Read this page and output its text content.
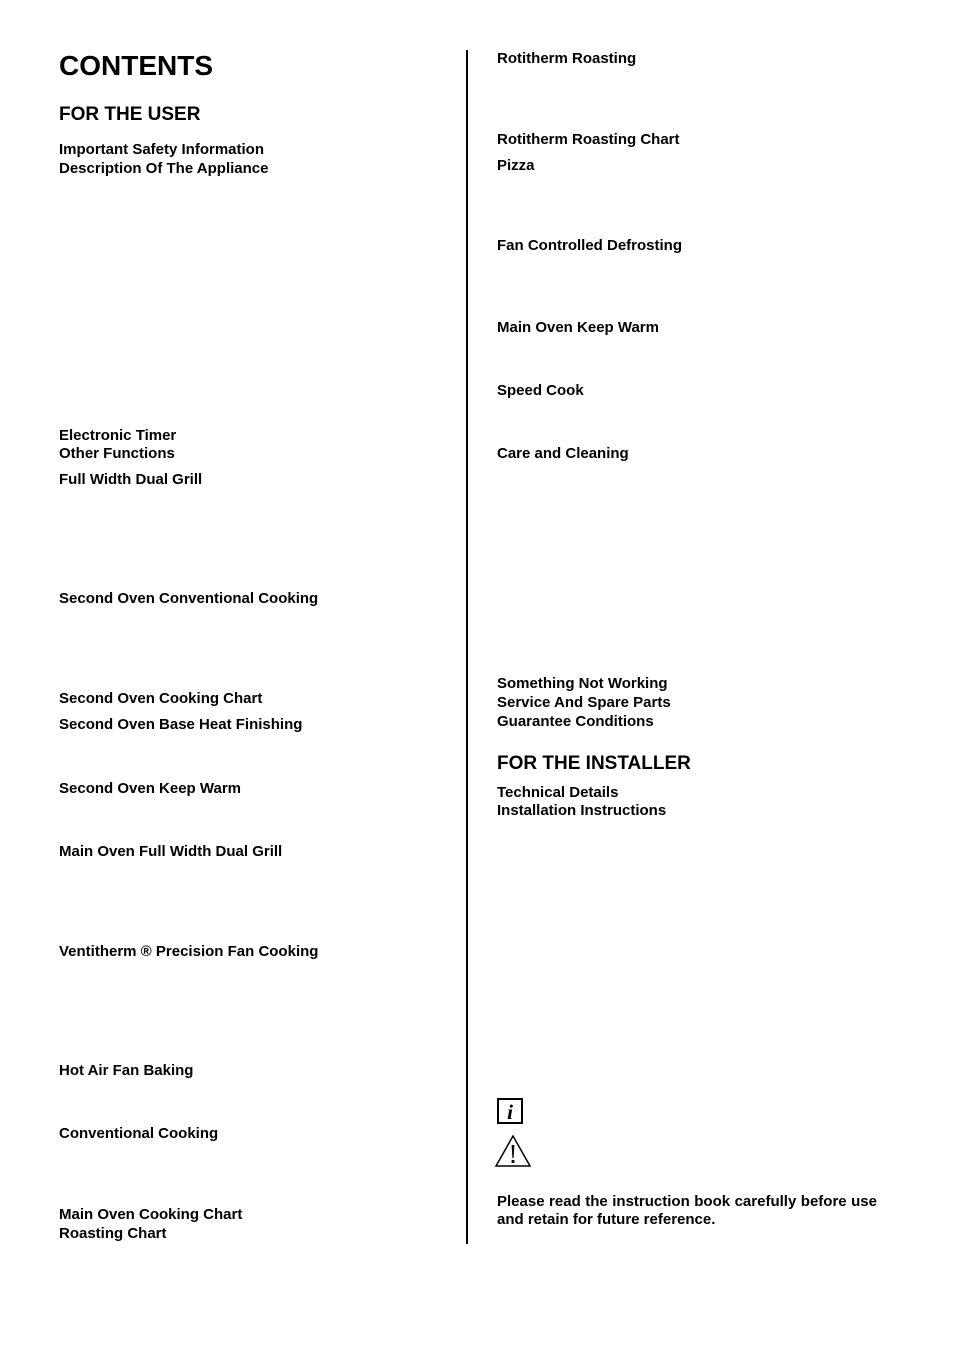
CONTENTS
FOR THE USER
Important Safety Information
Description Of The Appliance
Electronic Timer
Other Functions
Full Width Dual Grill
Second Oven Conventional Cooking
Second Oven Cooking Chart
Second Oven Base Heat Finishing
Second Oven Keep Warm
Main Oven Full Width Dual Grill
Ventitherm ® Precision Fan Cooking
Hot Air Fan Baking
Conventional Cooking
Main Oven Cooking Chart
Roasting Chart
Rotitherm Roasting
Rotitherm Roasting Chart
Pizza
Fan Controlled Defrosting
Main Oven Keep Warm
Speed Cook
Care and Cleaning
Something Not Working
Service And Spare Parts
Guarantee Conditions
FOR THE INSTALLER
Technical Details
Installation Instructions
i
Please read the instruction book carefully before use and retain for future reference.
